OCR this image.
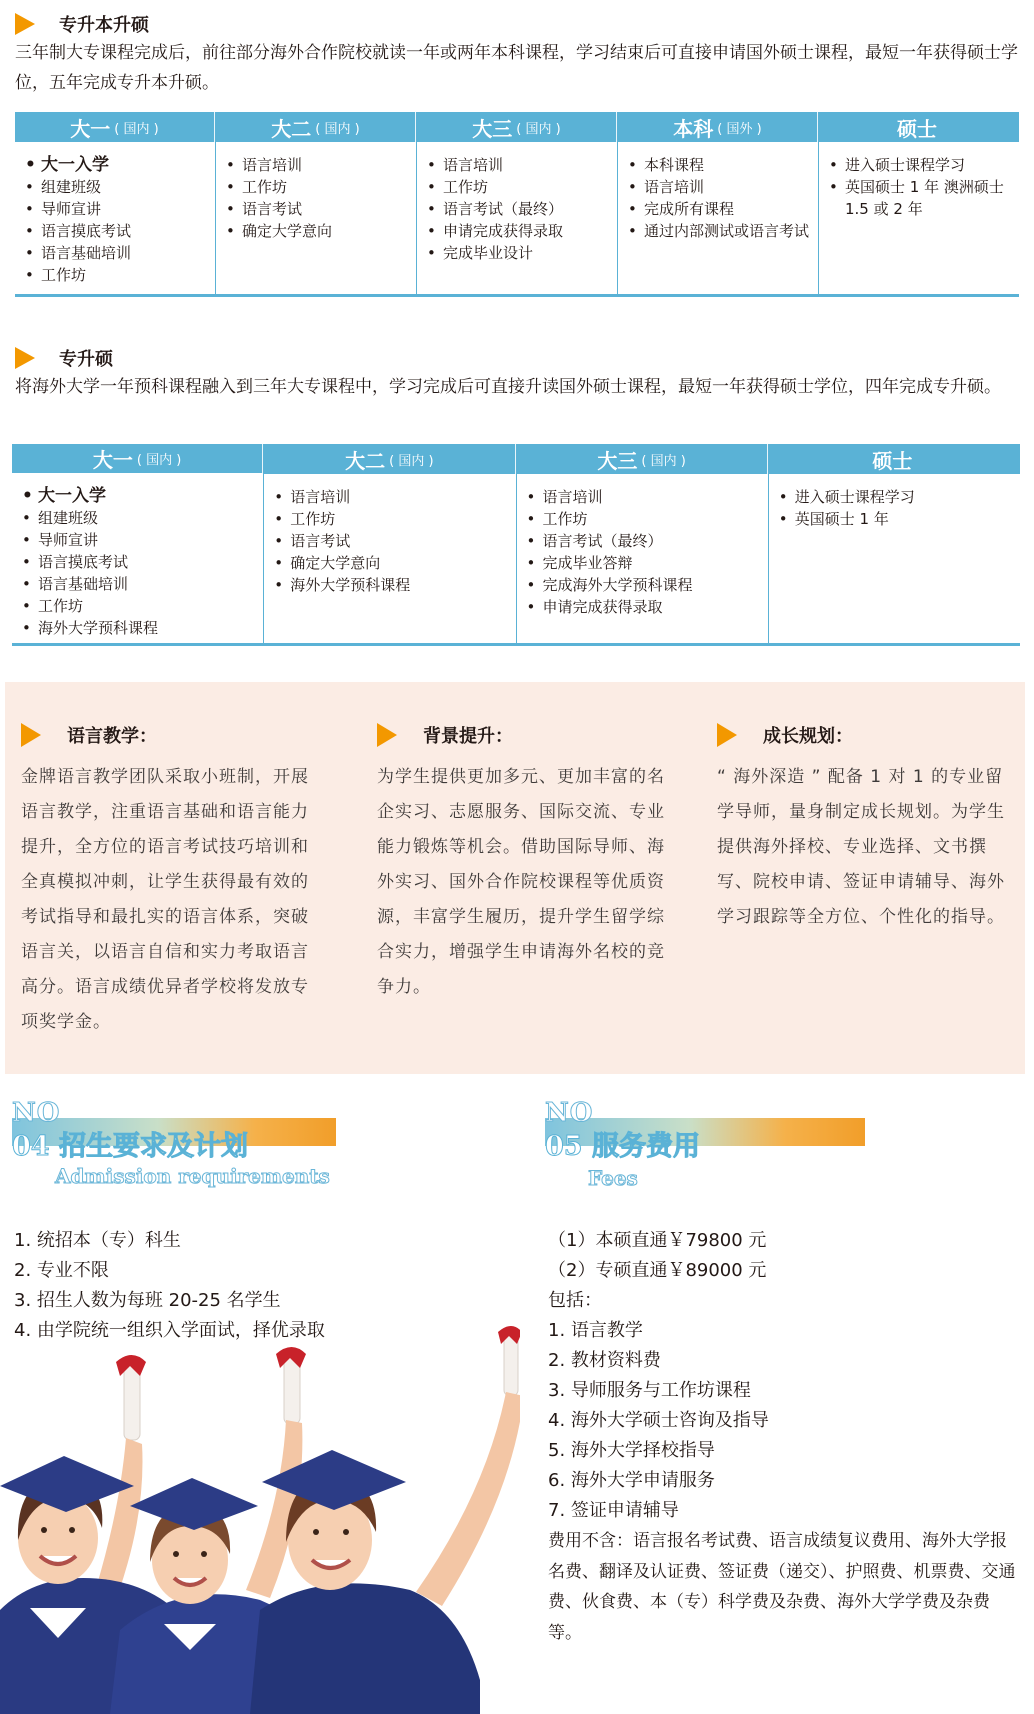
专升本升硕
三年制大专课程完成后，前往部分海外合作院校就读一年或两年本科课程，学习结束后可直接申请国外硕士课程，最短一年获得硕士学位，五年完成专升本升硕。
大一 ( 国内 )
• 大一入学
• 组建班级
• 导师宣讲
• 语言摸底考试
• 语言基础培训
• 工作坊
大二 ( 国内 )
• 语言培训
• 工作坊
• 语言考试
• 确定大学意向
大三 ( 国内 )
• 语言培训
• 工作坊
• 语言考试（最终）
• 申请完成获得录取
• 完成毕业设计
本科 ( 国外 )
• 本科课程
• 语言培训
• 完成所有课程
• 通过内部测试或语言考试
硕士
• 进入硕士课程学习
• 英国硕士 1 年 澳洲硕士 1.5 或 2 年
专升硕
将海外大学一年预科课程融入到三年大专课程中，学习完成后可直接升读国外硕士课程，最短一年获得硕士学位，四年完成专升硕。
大一 ( 国内 )
• 大一入学
• 组建班级
• 导师宣讲
• 语言摸底考试
• 语言基础培训
• 工作坊
• 海外大学预科课程
大二 ( 国内 )
• 语言培训
• 工作坊
• 语言考试
• 确定大学意向
• 海外大学预科课程
大三 ( 国内 )
• 语言培训
• 工作坊
• 语言考试（最终）
• 完成毕业答辩
• 完成海外大学预科课程
• 申请完成获得录取
硕士
• 进入硕士课程学习
• 英国硕士 1 年
语言教学：
金牌语言教学团队采取小班制，开展语言教学，注重语言基础和语言能力提升，全方位的语言考试技巧培训和全真模拟冲刺，让学生获得最有效的考试指导和最扎实的语言体系，突破语言关，以语言自信和实力考取语言高分。语言成绩优异者学校将发放专项奖学金。
背景提升：
为学生提供更加多元、更加丰富的名企实习、志愿服务、国际交流、专业能力锻炼等机会。借助国际导师、海外实习、国外合作院校课程等优质资源，丰富学生履历，提升学生留学综合实力，增强学生申请海外名校的竞争力。
成长规划：
“ 海外深造 ” 配备 1 对 1 的专业留学导师，量身制定成长规划。为学生提供海外择校、专业选择、文书撰写、院校申请、签证申请辅导、海外学习跟踪等全方位、个性化的指导。
NO
04 招生要求及计划
Admission requirements
1. 统招本（专）科生
2. 专业不限
3. 招生人数为每班 20-25 名学生
4. 由学院统一组织入学面试，择优录取
NO
05 服务费用
Fees
（1）本硕直通￥79800 元
（2）专硕直通￥89000 元
包括：
1. 语言教学
2. 教材资料费
3. 导师服务与工作坊课程
4. 海外大学硕士咨询及指导
5. 海外大学择校指导
6. 海外大学申请服务
7. 签证申请辅导
费用不含：语言报名考试费、语言成绩复议费用、海外大学报名费、翻译及认证费、签证费（递交）、护照费、机票费、交通费、伙食费、本（专）科学费及杂费、海外大学学费及杂费等。
